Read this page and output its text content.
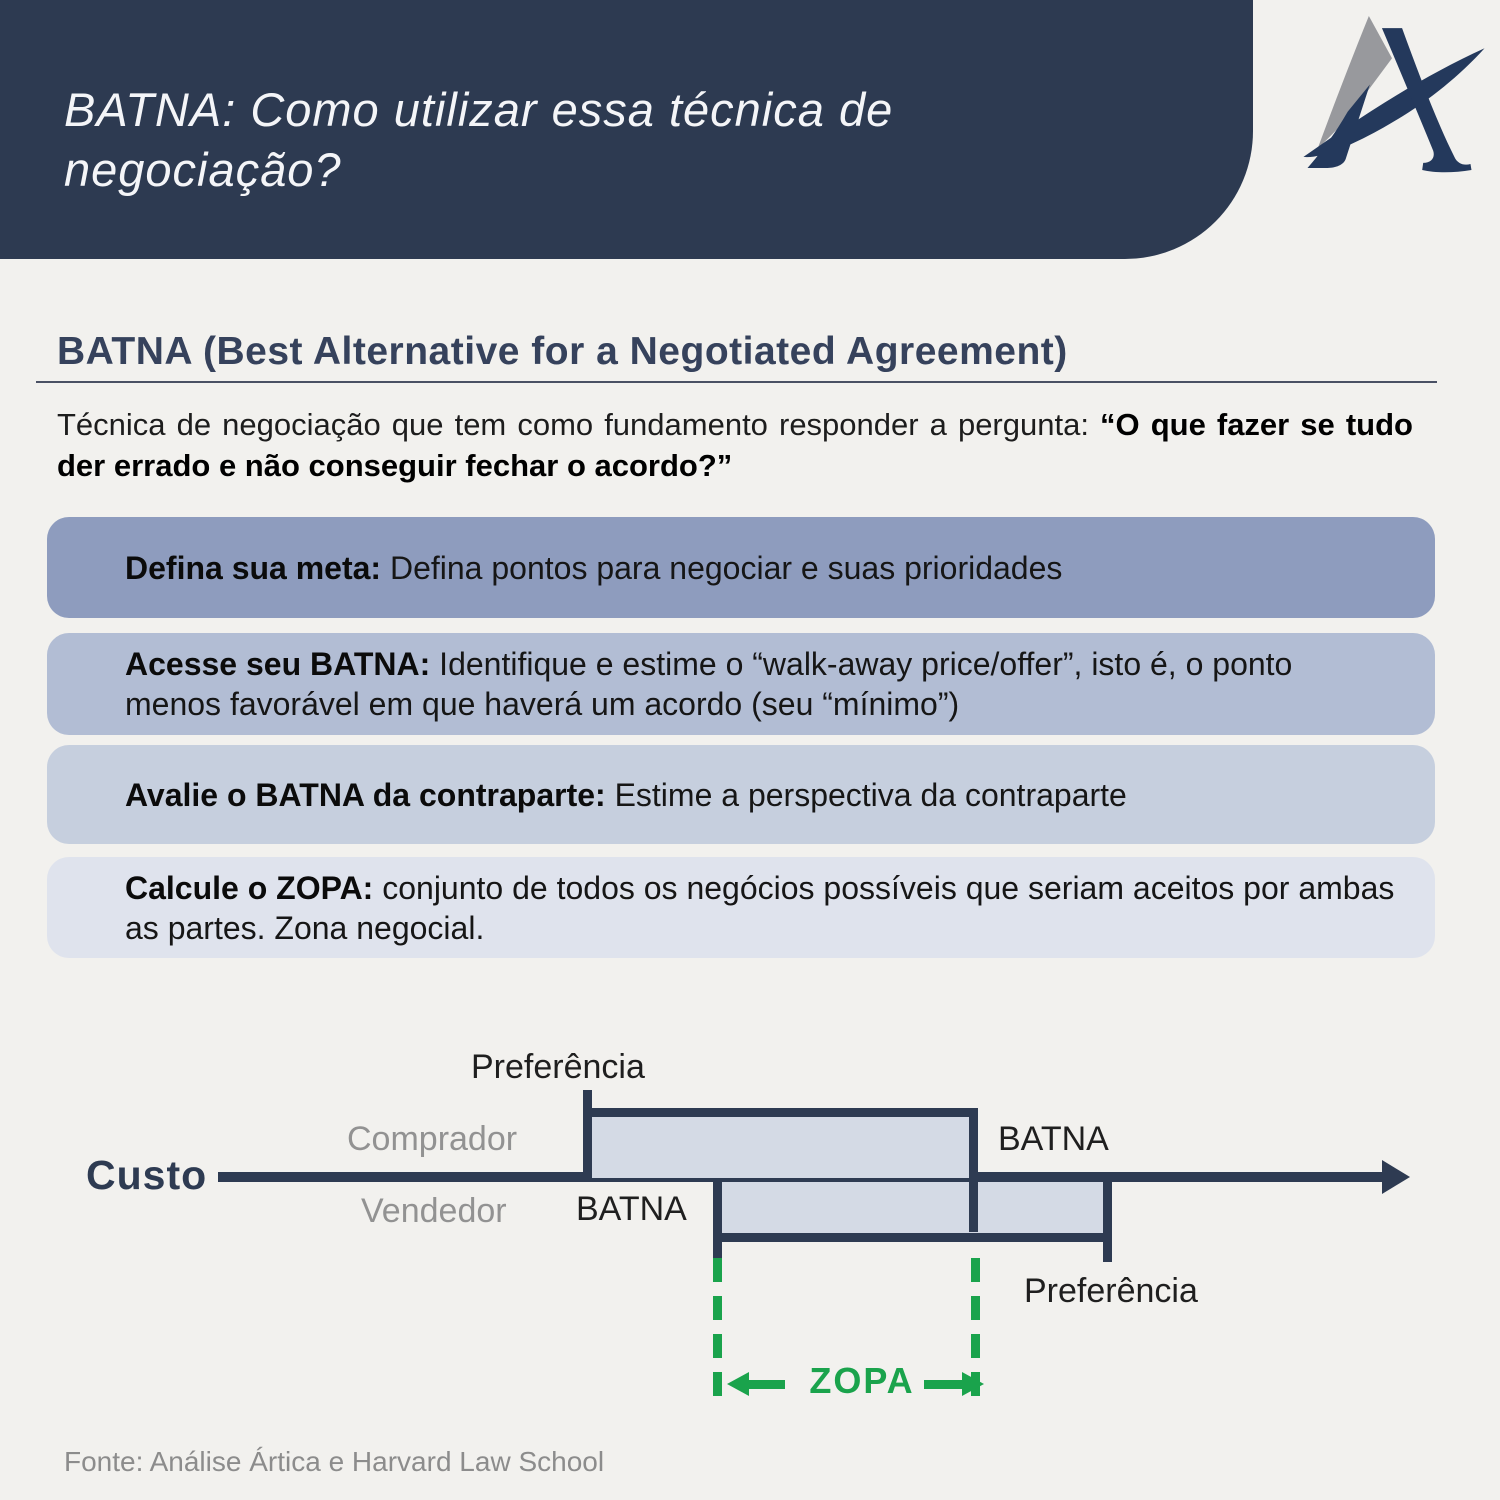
BATNA: Como utilizar essa técnica de
negociação?
BATNA (Best Alternative for a Negotiated Agreement)
Técnica de negociação que tem como fundamento responder a pergunta: “O que fazer se tudo der errado e não conseguir fechar o acordo?”
Defina sua meta: Defina pontos para negociar e suas prioridades
Acesse seu BATNA: Identifique e estime o “walk-away price/offer”, isto é, o ponto menos favorável em que haverá um acordo (seu “mínimo”)
Avalie o BATNA da contraparte: Estime a perspectiva da contraparte
Calcule o ZOPA: conjunto de todos os negócios possíveis que seriam aceitos por ambas as partes. Zona negocial.
Custo
Preferência
Comprador	BATNA
Vendedor BATNA
Preferência
ZOPA
Fonte: Análise Ártica e Harvard Law School
